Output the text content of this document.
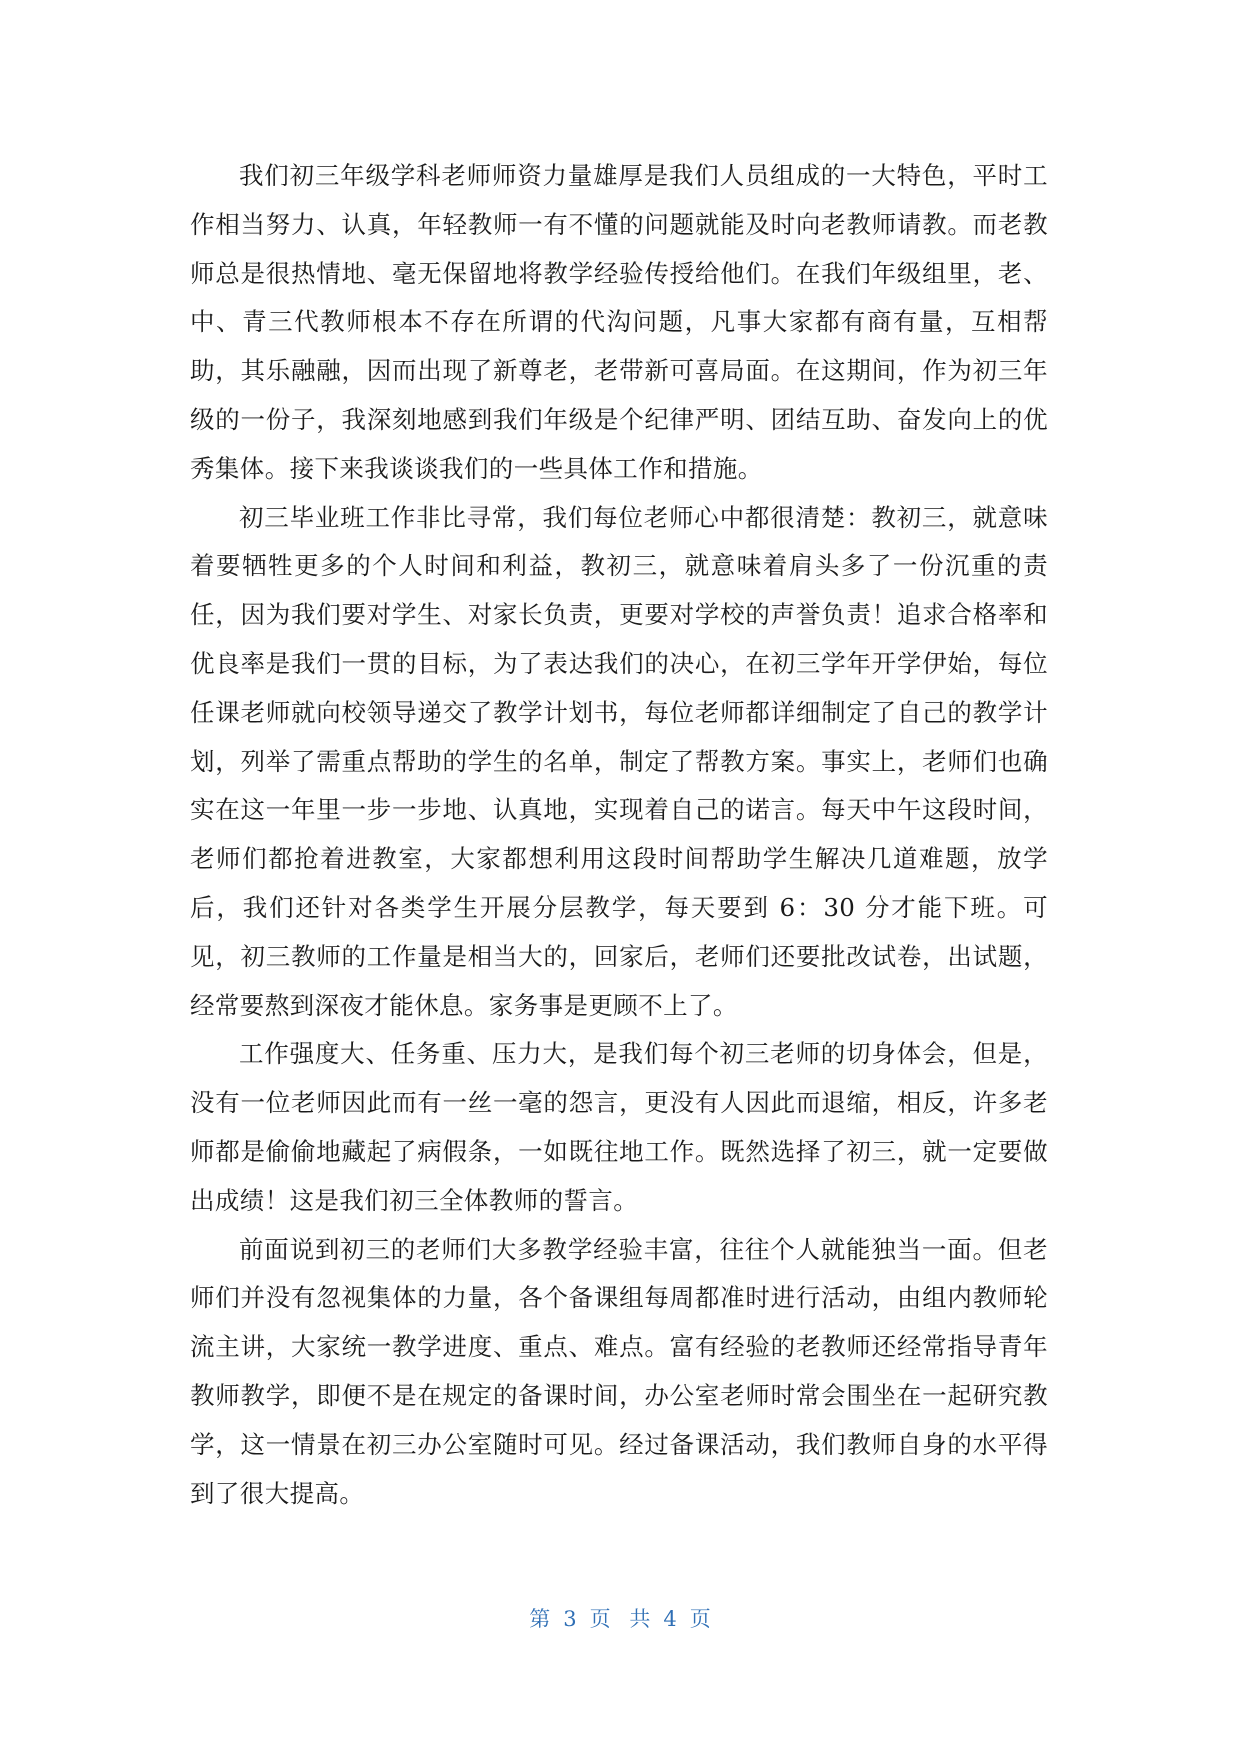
我们初三年级学科老师师资力量雄厚是我们人员组成的一大特色，平时工作相当努力、认真，年轻教师一有不懂的问题就能及时向老教师请教。而老教师总是很热情地、毫无保留地将教学经验传授给他们。在我们年级组里，老、中、青三代教师根本不存在所谓的代沟问题，凡事大家都有商有量，互相帮助，其乐融融，因而出现了新尊老，老带新可喜局面。在这期间，作为初三年级的一份子，我深刻地感到我们年级是个纪律严明、团结互助、奋发向上的优秀集体。接下来我谈谈我们的一些具体工作和措施。

初三毕业班工作非比寻常，我们每位老师心中都很清楚：教初三，就意味着要牺牲更多的个人时间和利益，教初三，就意味着肩头多了一份沉重的责任，因为我们要对学生、对家长负责，更要对学校的声誉负责！追求合格率和优良率是我们一贯的目标，为了表达我们的决心，在初三学年开学伊始，每位任课老师就向校领导递交了教学计划书，每位老师都详细制定了自己的教学计划，列举了需重点帮助的学生的名单，制定了帮教方案。事实上，老师们也确实在这一年里一步一步地、认真地，实现着自己的诺言。每天中午这段时间，老师们都抢着进教室，大家都想利用这段时间帮助学生解决几道难题，放学后，我们还针对各类学生开展分层教学，每天要到 6：30 分才能下班。可见，初三教师的工作量是相当大的，回家后，老师们还要批改试卷，出试题，经常要熬到深夜才能休息。家务事是更顾不上了。

工作强度大、任务重、压力大，是我们每个初三老师的切身体会，但是，没有一位老师因此而有一丝一毫的怨言，更没有人因此而退缩，相反，许多老师都是偷偷地藏起了病假条，一如既往地工作。既然选择了初三，就一定要做出成绩！这是我们初三全体教师的誓言。

前面说到初三的老师们大多教学经验丰富，往往个人就能独当一面。但老师们并没有忽视集体的力量，各个备课组每周都准时进行活动，由组内教师轮流主讲，大家统一教学进度、重点、难点。富有经验的老教师还经常指导青年教师教学，即便不是在规定的备课时间，办公室老师时常会围坐在一起研究教学，这一情景在初三办公室随时可见。经过备课活动，我们教师自身的水平得到了很大提高。

第 3 页 共 4 页
